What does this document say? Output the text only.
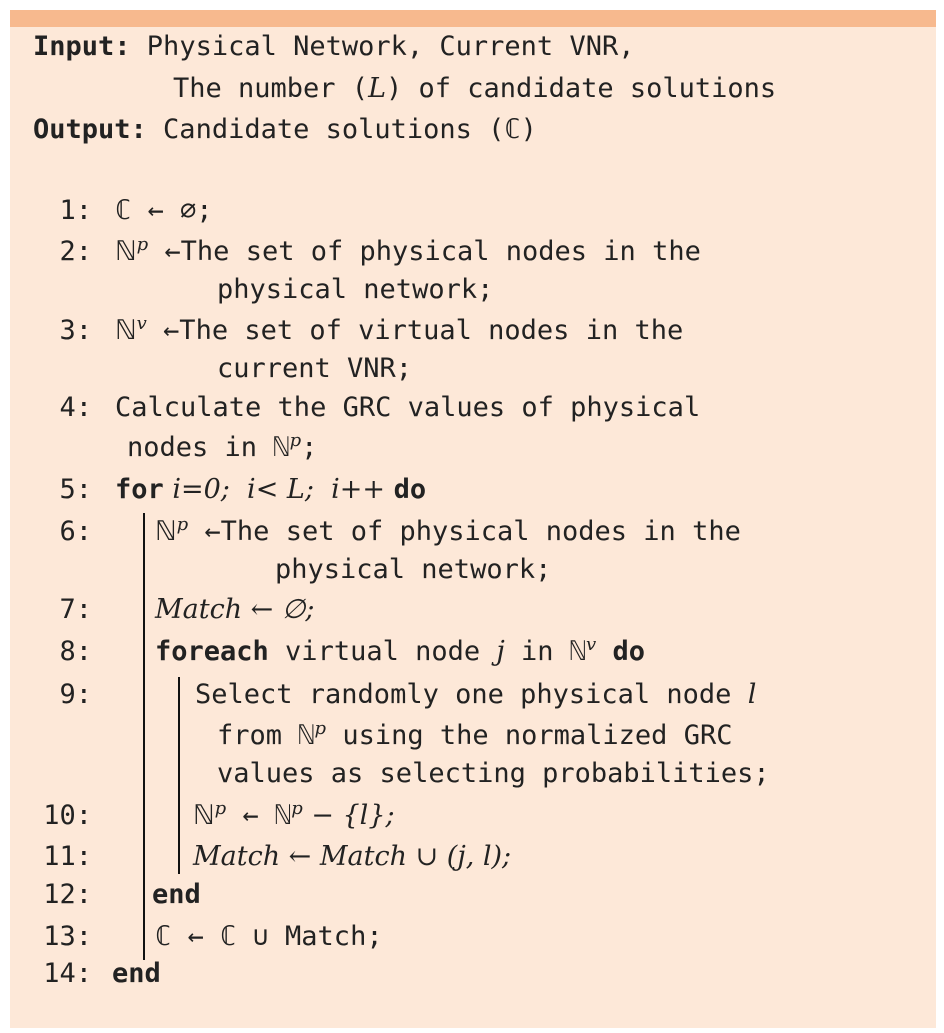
Input: Physical Network, Current VNR,
The number (L) of candidate solutions
Output: Candidate solutions (ℂ)
1:
2:
3:
4:
5:
6:
7:
8:
9:
10:
11:
12:
13:
14:
ℂ ← ∅;
ℕ$^p$ ←The set of physical nodes in the
physical network;
ℕ$^v$ ←The set of virtual nodes in the
current VNR;
Calculate the GRC values of physical
nodes in ℕ$^p$;
for i=0;  i< L;  i++ do
ℕ$^p$ ←The set of physical nodes in the
physical network;
Match ← ∅;
foreach virtual node j in ℕ$^v$ do
Select randomly one physical node l
from ℕ$^p$ using the normalized GRC
values as selecting probabilities;
ℕ$^p$ ← ℕ$^p$ − {l};
Match ← Match ∪ (j, l);
end
ℂ ← ℂ ∪ Match;
end
